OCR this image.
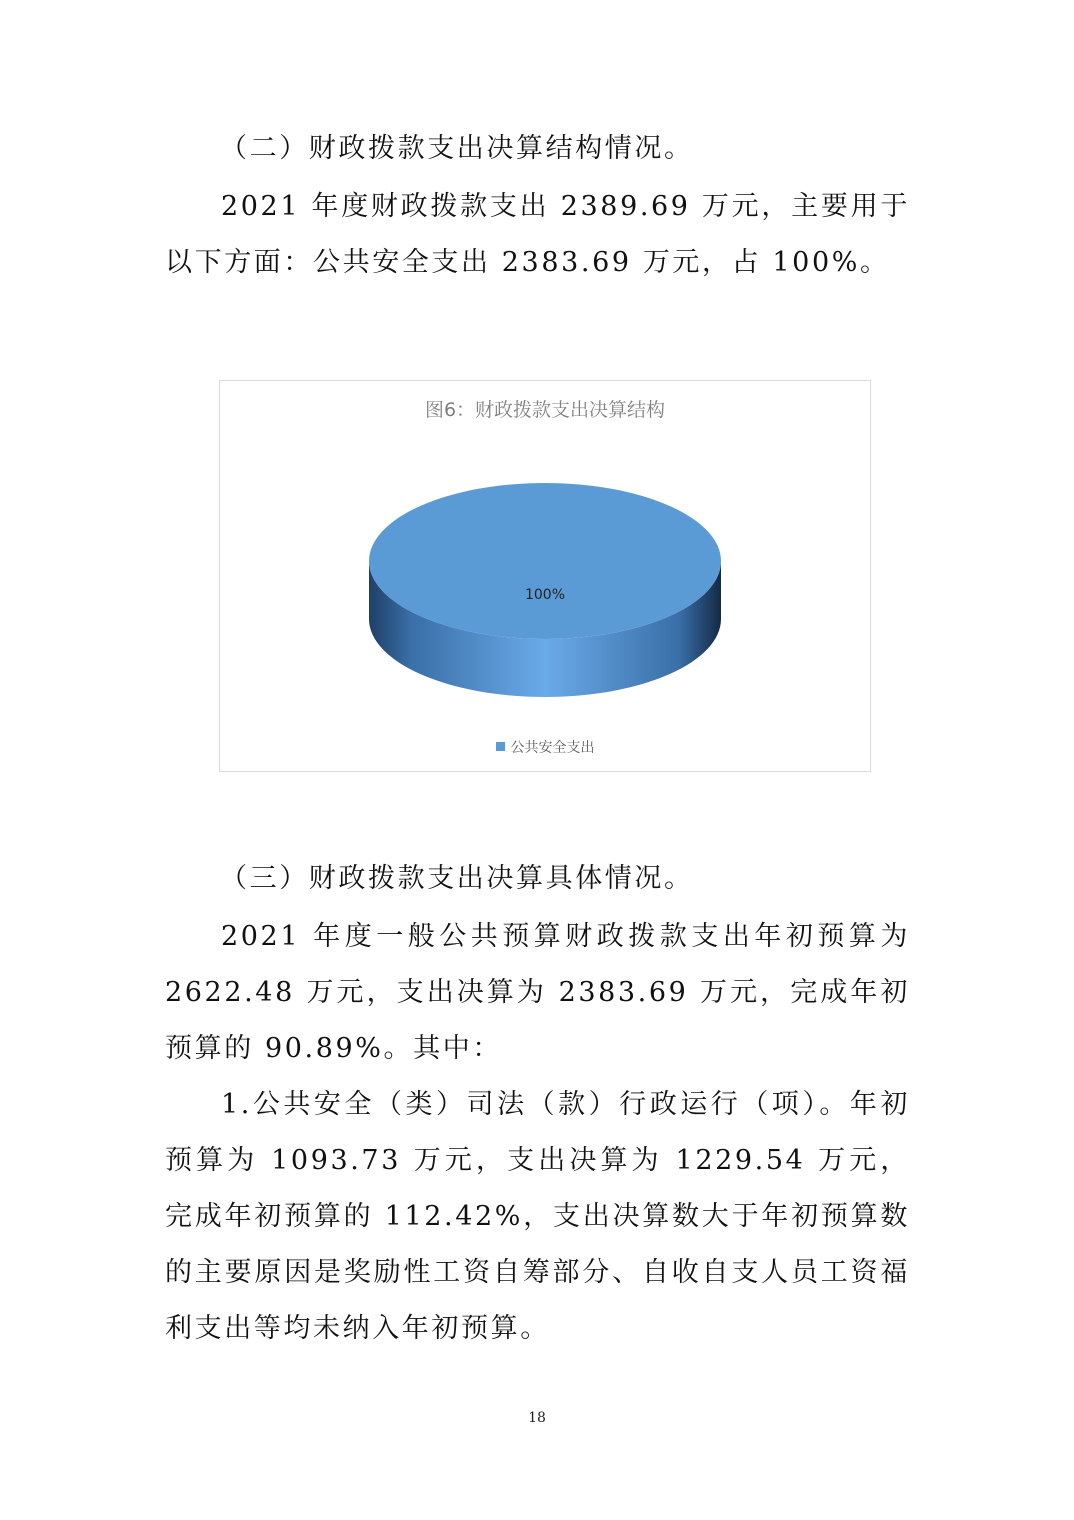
（二）财政拨款支出决算结构情况。

2021 年度财政拨款支出 2389.69 万元，主要用于以下方面：公共安全支出 2383.69 万元，占 100%。

图6：财政拨款支出决算结构
100%
公共安全支出

（三）财政拨款支出决算具体情况。

2021 年度一般公共预算财政拨款支出年初预算为 2622.48 万元，支出决算为 2383.69 万元，完成年初预算的 90.89%。其中：

1.公共安全（类）司法（款）行政运行（项）。年初预算为 1093.73 万元，支出决算为 1229.54 万元，完成年初预算的 112.42%，支出决算数大于年初预算数的主要原因是奖励性工资自筹部分、自收自支人员工资福利支出等均未纳入年初预算。

18
